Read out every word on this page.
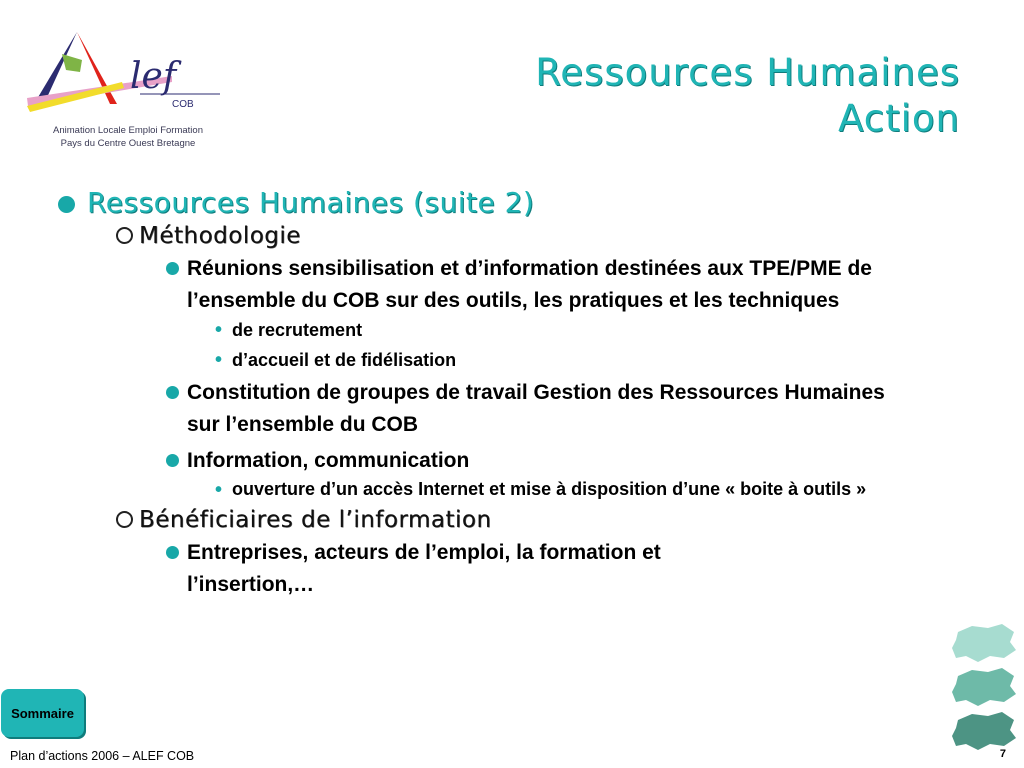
lef
COB
Animation Locale Emploi Formation
Pays du Centre Ouest Bretagne
Ressources Humaines
Action
Ressources Humaines (suite 2)
Méthodologie
Réunions sensibilisation et d’information destinées aux TPE/PME de l’ensemble du COB sur des outils, les pratiques et les techniques
• de recrutement
• d’accueil et de fidélisation
Constitution de groupes de travail Gestion des Ressources Humaines sur l’ensemble du COB
Information, communication
• ouverture d’un accès Internet et mise à disposition d’une « boite à outils »
Bénéficiaires de l’information
Entreprises, acteurs de l’emploi, la formation et l’insertion,…
Sommaire
Plan d’actions 2006 – ALEF COB	7
